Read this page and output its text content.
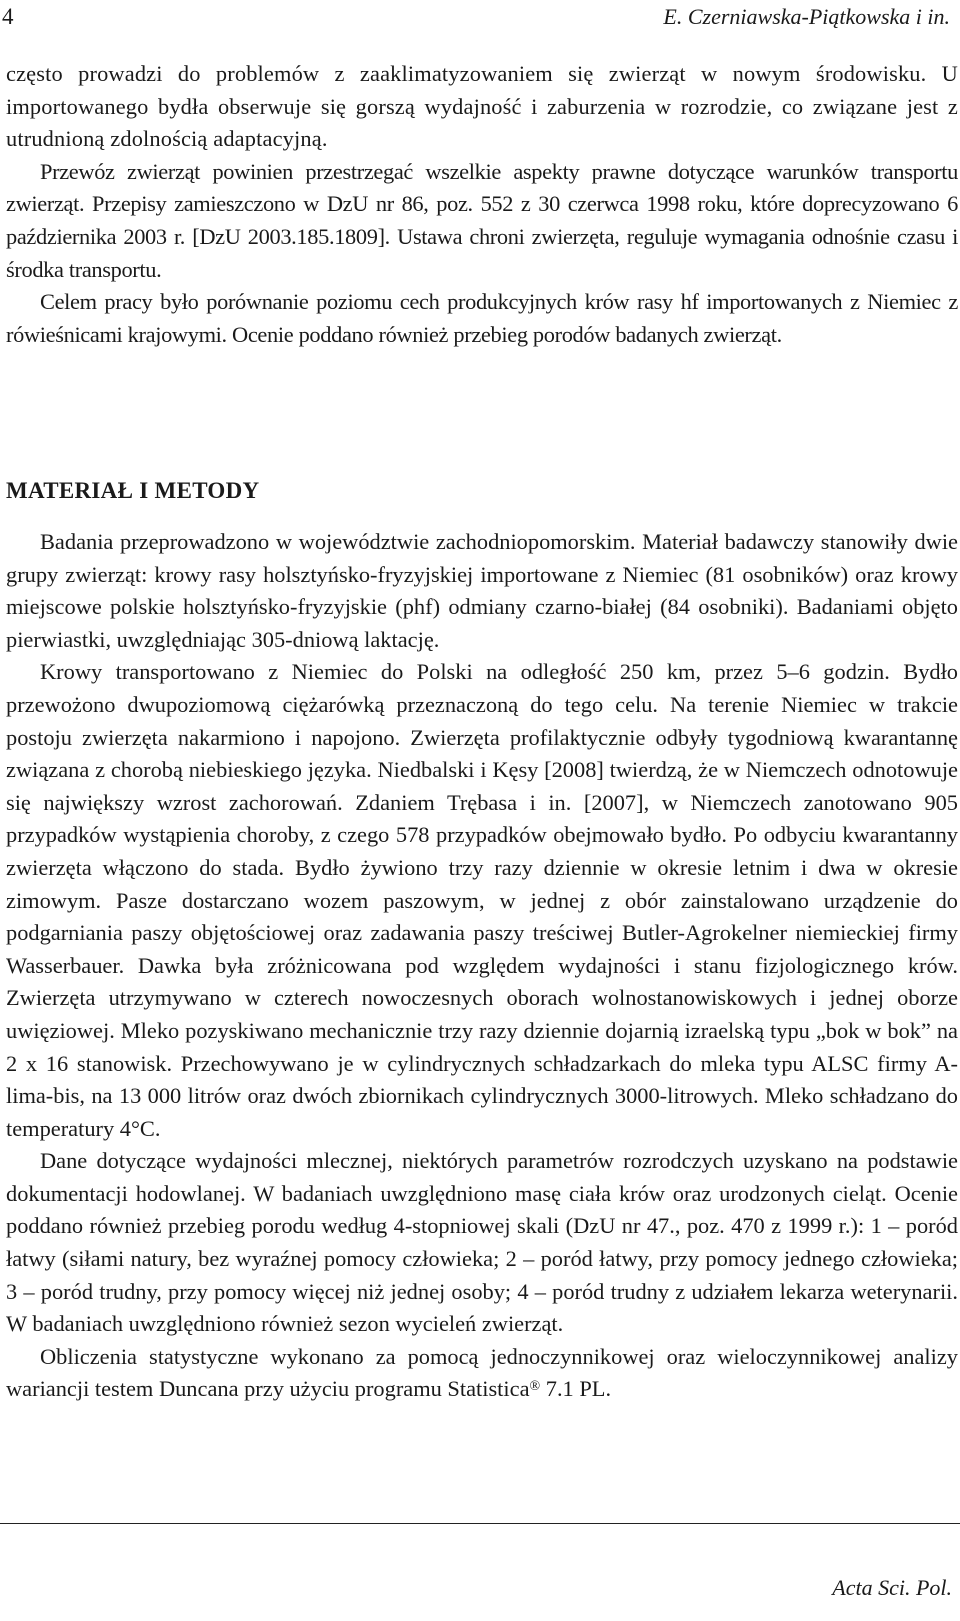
4	E. Czerniawska-Piątkowska i in.

często prowadzi do problemów z zaaklimatyzowaniem się zwierząt w nowym środowisku. U importowanego bydła obserwuje się gorszą wydajność i zaburzenia w rozrodzie, co związane jest z utrudnioną zdolnością adaptacyjną.

Przewóz zwierząt powinien przestrzegać wszelkie aspekty prawne dotyczące warunków transportu zwierząt. Przepisy zamieszczono w DzU nr 86, poz. 552 z 30 czerwca 1998 roku, które doprecyzowano 6 października 2003 r. [DzU 2003.185.1809]. Ustawa chroni zwierzęta, reguluje wymagania odnośnie czasu i środka transportu.

Celem pracy było porównanie poziomu cech produkcyjnych krów rasy hf importowanych z Niemiec z rówieśnicami krajowymi. Ocenie poddano również przebieg porodów badanych zwierząt.

MATERIAŁ I METODY

Badania przeprowadzono w województwie zachodniopomorskim. Materiał badawczy stanowiły dwie grupy zwierząt: krowy rasy holsztyńsko-fryzyjskiej importowane z Niemiec (81 osobników) oraz krowy miejscowe polskie holsztyńsko-fryzyjskie (phf) odmiany czarno-białej (84 osobniki). Badaniami objęto pierwiastki, uwzględniając 305-dniową laktację.

Krowy transportowano z Niemiec do Polski na odległość 250 km, przez 5–6 godzin. Bydło przewożono dwupoziomową ciężarówką przeznaczoną do tego celu. Na terenie Niemiec w trakcie postoju zwierzęta nakarmiono i napojono. Zwierzęta profilaktycznie odbyły tygodniową kwarantannę związana z chorobą niebieskiego języka. Niedbalski i Kęsy [2008] twierdzą, że w Niemczech odnotowuje się największy wzrost zachorowań. Zdaniem Trębasa i in. [2007], w Niemczech zanotowano 905 przypadków wystąpienia choroby, z czego 578 przypadków obejmowało bydło. Po odbyciu kwarantanny zwierzęta włączono do stada. Bydło żywiono trzy razy dziennie w okresie letnim i dwa w okresie zimowym. Pasze dostarczano wozem paszowym, w jednej z obór zainstalowano urządzenie do podgarniania paszy objętościowej oraz zadawania paszy treściwej Butler-Agrokelner niemieckiej firmy Wasserbauer. Dawka była zróżnicowana pod względem wydajności i stanu fizjologicznego krów. Zwierzęta utrzymywano w czterech nowoczesnych oborach wolnostanowiskowych i jednej oborze uwięziowej. Mleko pozyskiwano mechanicznie trzy razy dziennie dojarnią izraelską typu „bok w bok” na 2 x 16 stanowisk. Przechowywano je w cylindrycznych schładzarkach do mleka typu ALSC firmy A-lima-bis, na 13 000 litrów oraz dwóch zbiornikach cylindrycznych 3000-litrowych. Mleko schładzano do temperatury 4°C.

Dane dotyczące wydajności mlecznej, niektórych parametrów rozrodczych uzyskano na podstawie dokumentacji hodowlanej. W badaniach uwzględniono masę ciała krów oraz urodzonych cieląt. Ocenie poddano również przebieg porodu według 4-stopniowej skali (DzU nr 47., poz. 470 z 1999 r.): 1 – poród łatwy (siłami natury, bez wyraźnej pomocy człowieka; 2 – poród łatwy, przy pomocy jednego człowieka; 3 – poród trudny, przy pomocy więcej niż jednej osoby; 4 – poród trudny z udziałem lekarza weterynarii. W badaniach uwzględniono również sezon wycieleń zwierząt.

Obliczenia statystyczne wykonano za pomocą jednoczynnikowej oraz wieloczynnikowej analizy wariancji testem Duncana przy użyciu programu Statistica® 7.1 PL.

Acta Sci. Pol.
